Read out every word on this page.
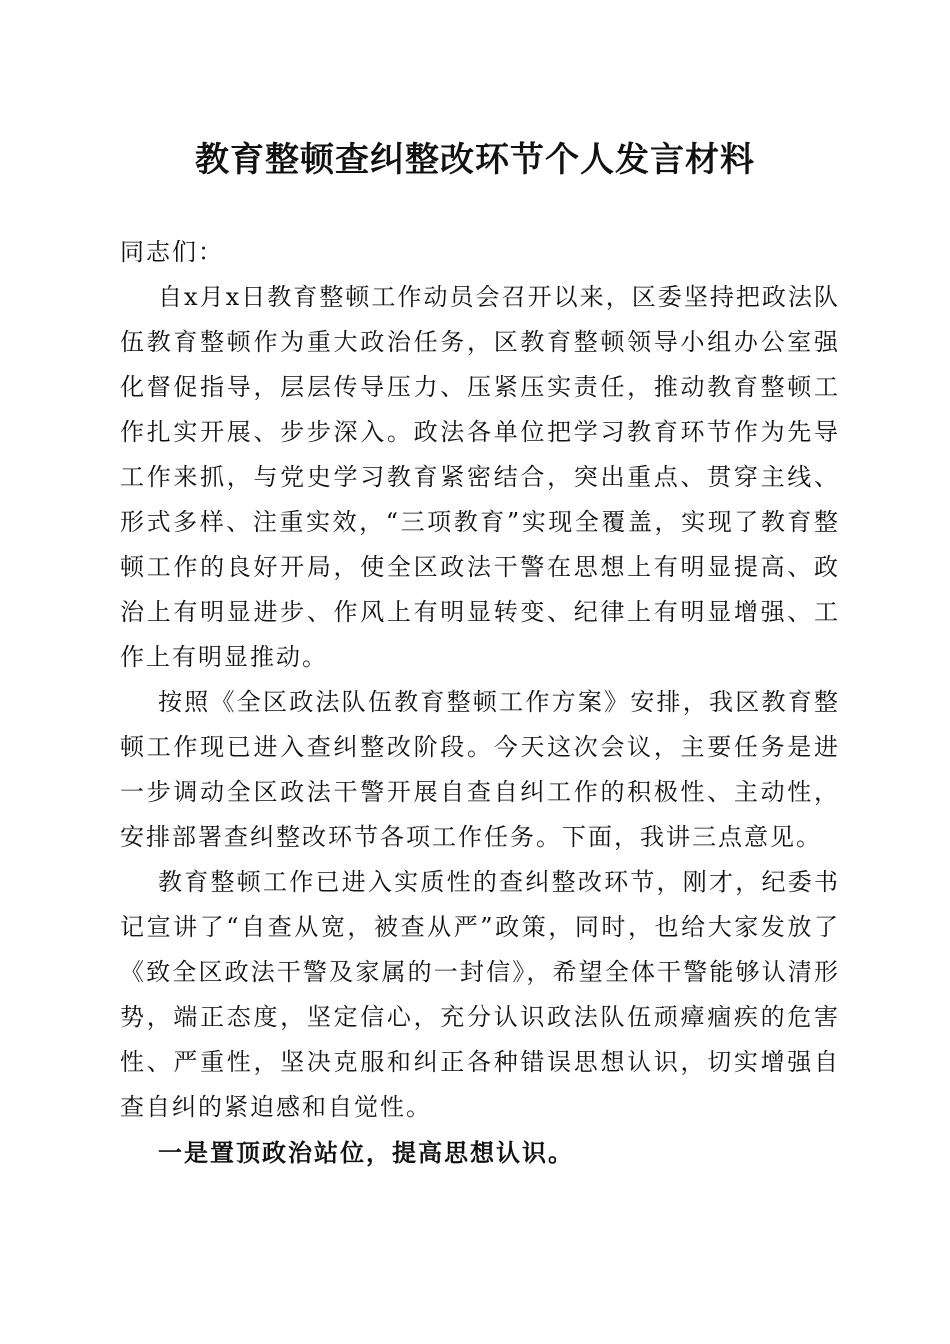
教育整顿查纠整改环节个人发言材料

同志们：

自x月x日教育整顿工作动员会召开以来，区委坚持把政法队伍教育整顿作为重大政治任务，区教育整顿领导小组办公室强化督促指导，层层传导压力、压紧压实责任，推动教育整顿工作扎实开展、步步深入。政法各单位把学习教育环节作为先导工作来抓，与党史学习教育紧密结合，突出重点、贯穿主线、形式多样、注重实效，“三项教育”实现全覆盖，实现了教育整顿工作的良好开局，使全区政法干警在思想上有明显提高、政治上有明显进步、作风上有明显转变、纪律上有明显增强、工作上有明显推动。

按照《全区政法队伍教育整顿工作方案》安排，我区教育整顿工作现已进入查纠整改阶段。今天这次会议，主要任务是进一步调动全区政法干警开展自查自纠工作的积极性、主动性，安排部署查纠整改环节各项工作任务。下面，我讲三点意见。

教育整顿工作已进入实质性的查纠整改环节，刚才，纪委书记宣讲了“自查从宽，被查从严”政策，同时，也给大家发放了《致全区政法干警及家属的一封信》，希望全体干警能够认清形势，端正态度，坚定信心，充分认识政法队伍顽瘴痼疾的危害性、严重性，坚决克服和纠正各种错误思想认识，切实增强自查自纠的紧迫感和自觉性。

一是置顶政治站位，提高思想认识。
